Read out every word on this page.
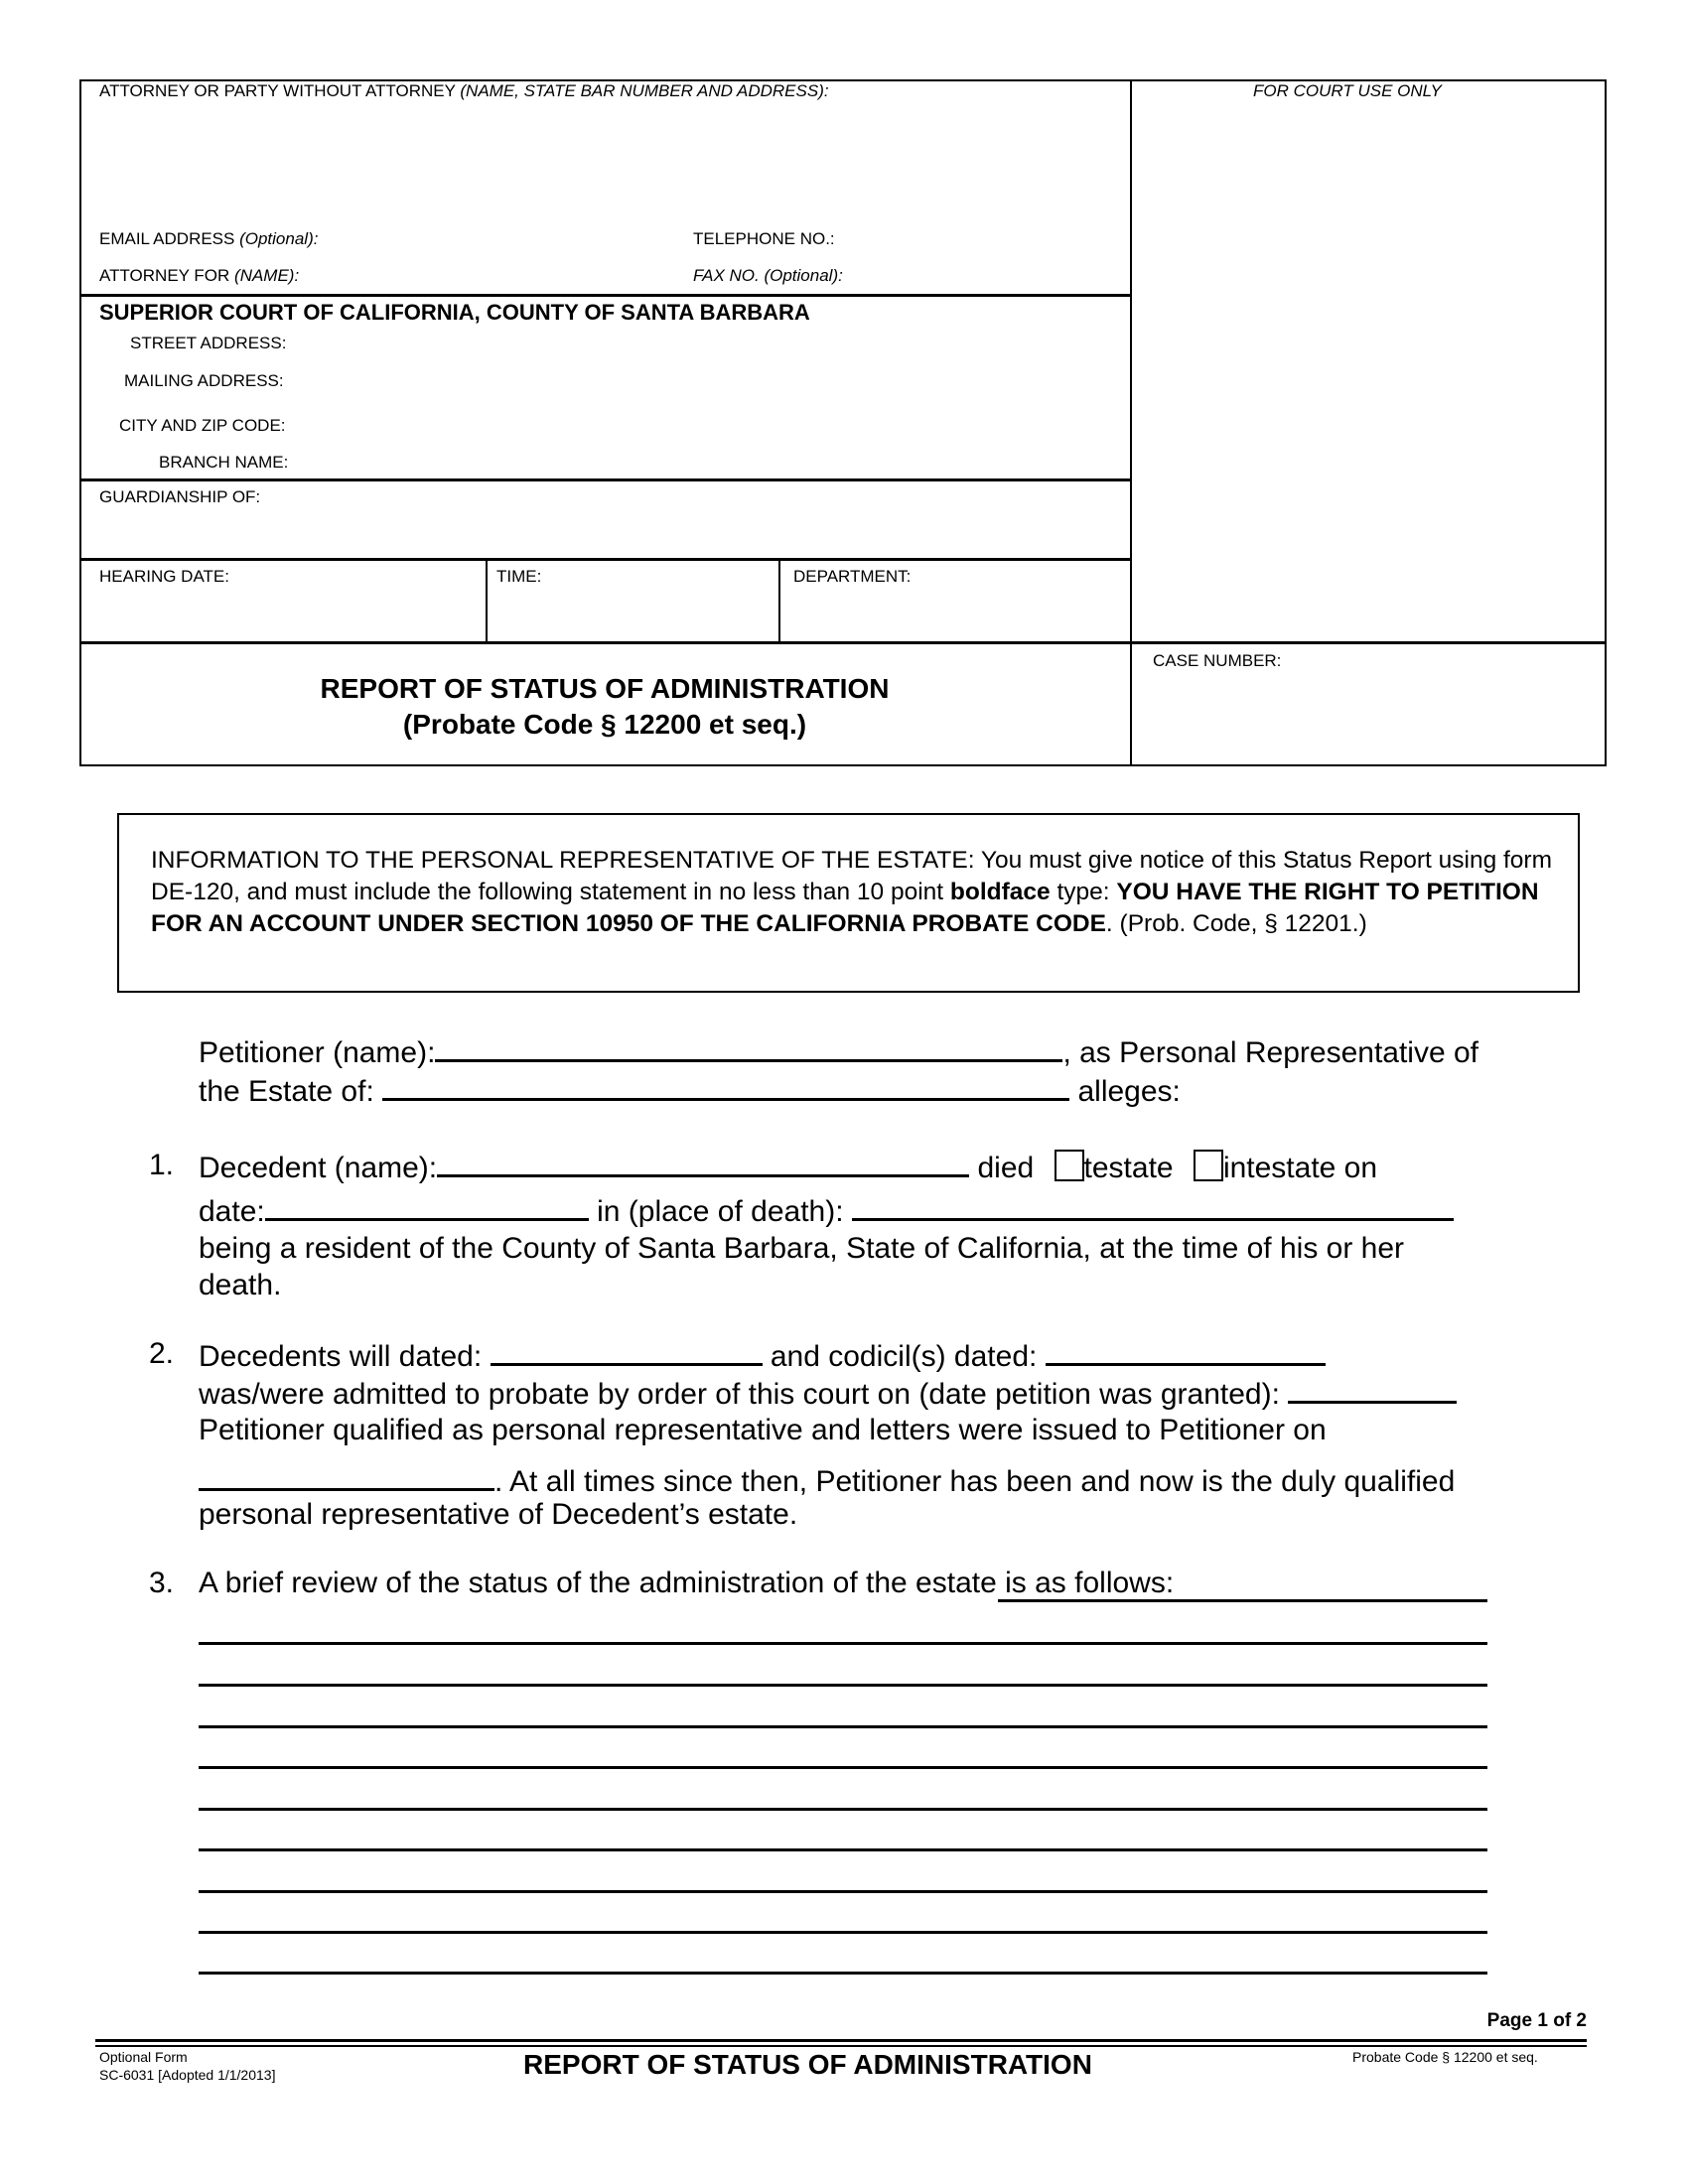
ATTORNEY OR PARTY WITHOUT ATTORNEY (NAME, STATE BAR NUMBER AND ADDRESS):	FOR COURT USE ONLY
EMAIL ADDRESS (Optional):	TELEPHONE NO.:
ATTORNEY FOR (NAME):	FAX NO. (Optional):
SUPERIOR COURT OF CALIFORNIA, COUNTY OF SANTA BARBARA
STREET ADDRESS:
MAILING ADDRESS:
CITY AND ZIP CODE:
BRANCH NAME:
GUARDIANSHIP OF:
HEARING DATE:	TIME:	DEPARTMENT:
CASE NUMBER:
REPORT OF STATUS OF ADMINISTRATION
(Probate Code § 12200 et seq.)
INFORMATION TO THE PERSONAL REPRESENTATIVE OF THE ESTATE: You must give notice of this Status Report using form DE-120, and must include the following statement in no less than 10 point boldface type: YOU HAVE THE RIGHT TO PETITION FOR AN ACCOUNT UNDER SECTION 10950 OF THE CALIFORNIA PROBATE CODE. (Prob. Code, § 12201.)
Petitioner (name):	, as Personal Representative of
the Estate of:	alleges:
1. Decedent (name):	died testate intestate on
date:	in (place of death):
being a resident of the County of Santa Barbara, State of California, at the time of his or her
death.
2. Decedents will dated:	and codicil(s) dated:
was/were admitted to probate by order of this court on (date petition was granted):
Petitioner qualified as personal representative and letters were issued to Petitioner on
. At all times since then, Petitioner has been and now is the duly qualified
personal representative of Decedent’s estate.
3. A brief review of the status of the administration of the estate is as follows:
Page 1 of 2
Optional Form
SC-6031 [Adopted 1/1/2013]	REPORT OF STATUS OF ADMINISTRATION	Probate Code § 12200 et seq.
